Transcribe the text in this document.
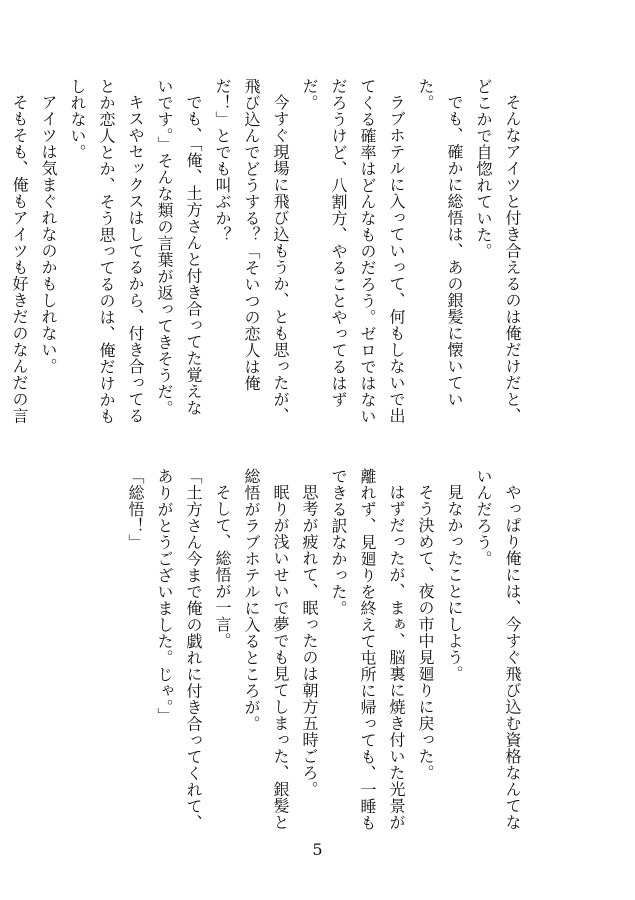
そんなアイツと付き合えるのは俺だけだと、どこかで自惚れていた。

でも、確かに総悟は、あの銀髪に懐いていた。

ラブホテルに入っていって、何もしないで出てくる確率はどんなものだろう。ゼロではないだろうけど、八割方、やることやってるはずだ。

今すぐ現場に飛び込もうか、とも思ったが、飛び込んでどうする？「そいつの恋人は俺だ！」とでも叫ぶか？

でも、「俺、土方さんと付き合ってた覚えないです。」そんな類の言葉が返ってきそうだ。

キスやセックスはしてるから、付き合ってるとか恋人とか、そう思ってるのは、俺だけかもしれない。

アイツは気まぐれなのかもしれない。

そもそも、俺もアイツも好きだのなんだの言

やっぱり俺には、今すぐ飛び込む資格なんてないんだろう。

見なかったことにしよう。

そう決めて、夜の市中見廻りに戻った。

はずだったが、まぁ、脳裏に焼き付いた光景が離れず、見廻りを終えて屯所に帰っても、一睡もできる訳なかった。

思考が疲れて、眠ったのは朝方五時ごろ。

眠りが浅いせいで夢でも見てしまった、銀髪と総悟がラブホテルに入るところが。

そして、総悟が一言。

「土方さん今まで俺の戯れに付き合ってくれて、ありがとうございました。じゃ。」

「総悟！」

5
